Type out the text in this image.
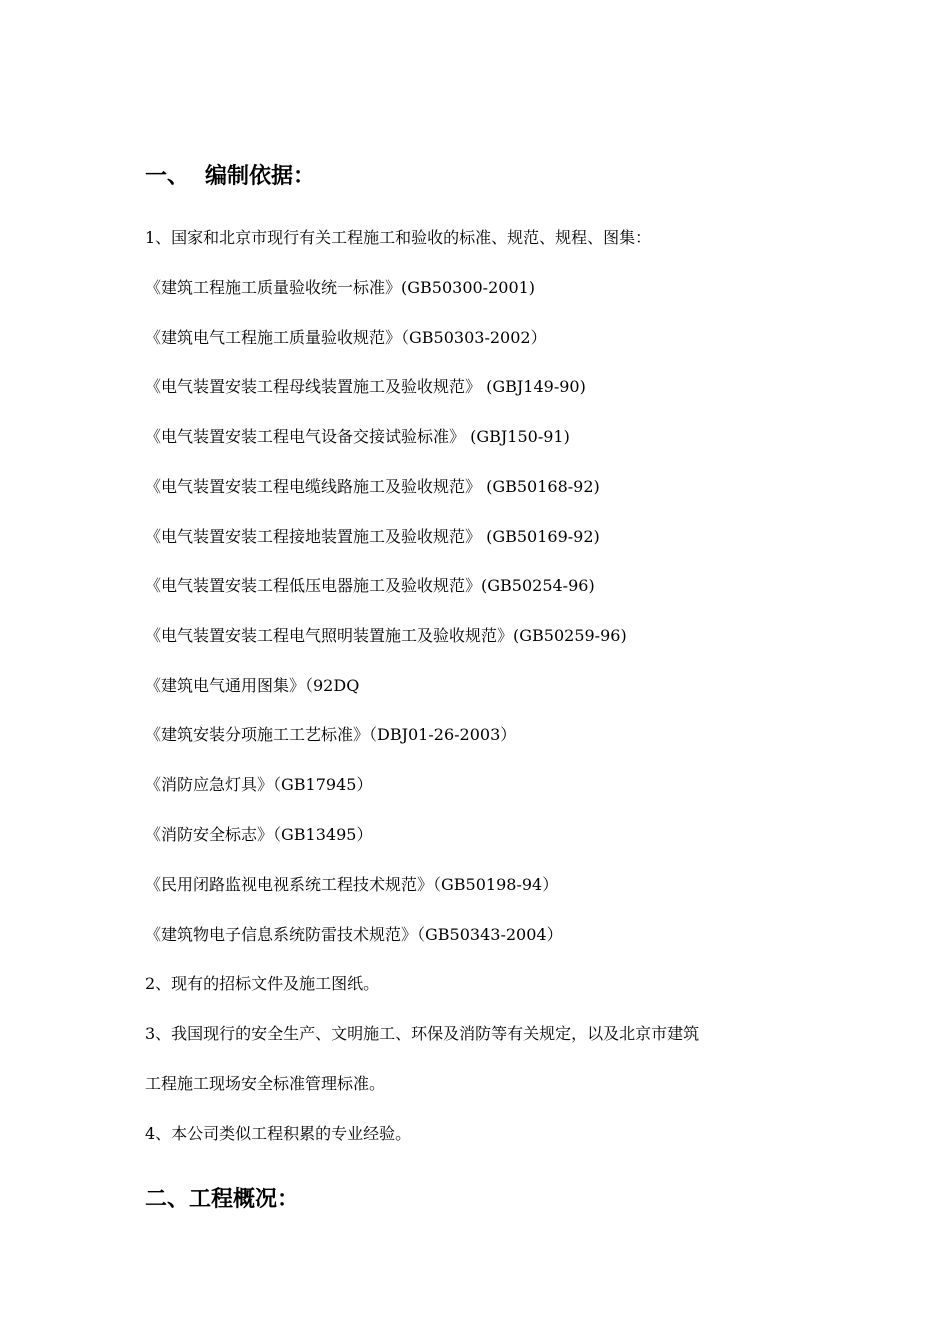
一、 编制依据：
1、国家和北京市现行有关工程施工和验收的标准、规范、规程、图集：
《建筑工程施工质量验收统一标准》(GB50300-2001)
《建筑电气工程施工质量验收规范》（GB50303-2002）
《电气装置安装工程母线装置施工及验收规范》 (GBJ149-90)
《电气装置安装工程电气设备交接试验标准》 (GBJ150-91)
《电气装置安装工程电缆线路施工及验收规范》 (GB50168-92)
《电气装置安装工程接地装置施工及验收规范》 (GB50169-92)
《电气装置安装工程低压电器施工及验收规范》(GB50254-96)
《电气装置安装工程电气照明装置施工及验收规范》(GB50259-96)
《建筑电气通用图集》（92DQ
《建筑安装分项施工工艺标准》（DBJ01-26-2003）
《消防应急灯具》（GB17945）
《消防安全标志》（GB13495）
《民用闭路监视电视系统工程技术规范》（GB50198-94）
《建筑物电子信息系统防雷技术规范》（GB50343-2004）
2、现有的招标文件及施工图纸。
3、我国现行的安全生产、文明施工、环保及消防等有关规定，以及北京市建筑
工程施工现场安全标准管理标准。
4、本公司类似工程积累的专业经验。
二、工程概况：
